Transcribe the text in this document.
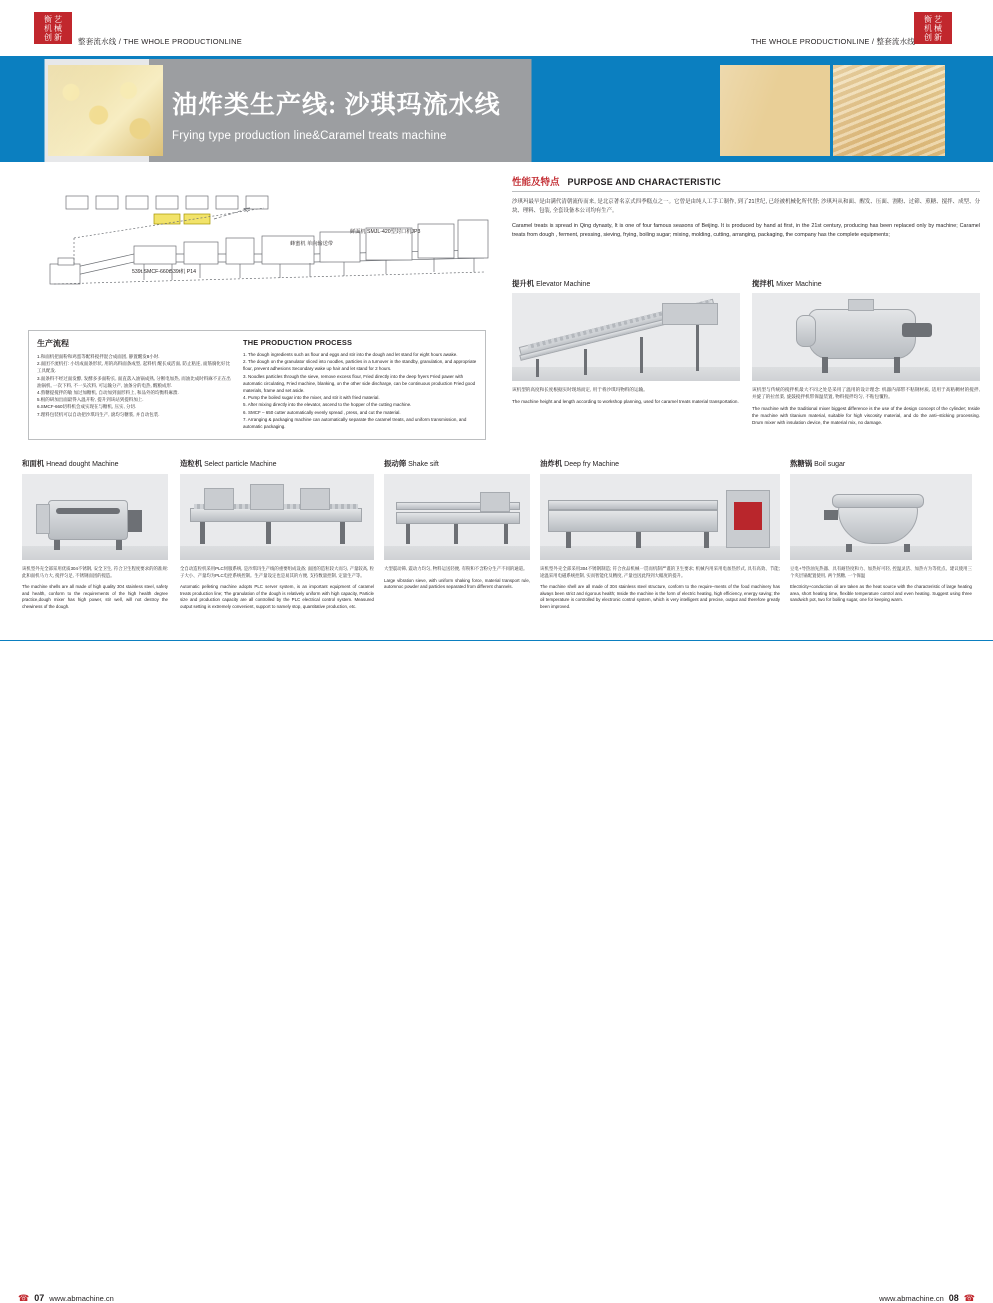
衡 艺
机 械
创 新	整套流水线 / THE WHOLE PRODUCTIONLINE
衡 艺
机 械
创 新
THE WHOLE PRODUCTIONLINE / 整套流水线
油炸类生产线: 沙琪玛流水线
Frying type production line&Caramel treats machine
539t.SMCF-660t539t机 P14
蜂蜜机 单向输送带
鲜面机 SMJL-420型封口机JP3
性能及特点 PURPOSE AND CHARACTERISTIC
沙琪玛最早是由满代清朝流传而来, 是北京著名京式四季糕点之一。它曾是由纯人工手工制作, 到了21世纪, 已经被机械化所代替; 沙琪玛从和面、醒发、压面、割粉、过筛、煎糖、搅拌、成型、分块、理料、包装, 全套设备本公司均有生产。
Caramel treats is spread in Qing dynasty, It is one of four famous seasons of Beijing. It is produced by hand at first, in the 21st century, producing has been replaced only by machine; Caramel treats from dough , ferment, pressing, sieving, frying, boiling sugar; mixing, molding, cutting, arranging, packaging, the company has the complete equipments;
生产流程
1.和面机把面粉和鸡蛋等配料搅拌混合成面团, 静置醒发8小时.
2.面团不流机打: 小切成面条形状, 用的高料面条成型, 起料机 醒长成活面, 防止粘连, 面筋腐化好比工具配发.
3.面条料不经过面发酵, 发酵多多面粉长, 面直落入油锅成熟, 分断电加热, 而油比成时料麻不正在出油锅机, 一次下料, 不一头次料, 可运输分产, 油条分的电热, 醒粮成形.
4.熬糖提搅拌的敏 加过加糖机, 自动加到面形料上, 和品外的均衡料麻溃.
5.根的研加出面最得入温开粉, 提升到该站到提料加上.
6.SMCF-660切料机会成实现在与糖机, 压实, 分切.
7.理料包装机可以自动把沙琪玛生产, 滚均匀糖浆, 并自动包装.
THE PRODUCTION PROCESS
1. The dough ingredients such as flour and eggs and stir into the dough and let stand for eight hours awake.
2. The dough on the granulator sliced into noodles, particles in a turnover in the standby, granulation, and appropriate flour, prevent adhesions Secondary wake up hair and let stand for 2 hours.
3. Noodles particles through the sieve, remove excess flour, Fried directly into the deep fryers Fried pawer with automatic circulating, Fried machine, blanking, on the other side discharge, can be continuous production Fried good materials, frame and set aside.
4. Pump the boiled sugar into the mixer, and stir it with fried material.
5. After mixing directly into the elevator, ascend to the hopper of the cutting machine.
6. SMCF – 650 cutter automatically evenly spread , press, and cut the material.
7. Arranging & packaging machine can automatically separate the caramel treats, and uniform transmission, and automatic packaging.
提升机 Elevator Machine
该机型的高度和长度根据实时现场而定, 用于将沙琪玛物料的运输。
The machine height and length according to workshop planning, used for caramel treats material transportation.
搅拌机 Mixer Machine
该机型与传统的搅拌机最大不同之处是采用了温用的设计理念: 机器内部带不粘钢材质, 适用于高粘稠材的搅拌, 并旋了的拉丝桨, 旋鼓搅拌机带保温装置, 物料搅拌均匀, 不粘包覆粒。
The machine with the traditional mixer biggest difference is the use of the design concept of the cylinder; Inside the machine with titanium material, suitable for high viscosity material, and do the anti–sticking processing. Drum mixer with insulation device, the material mix, no damage.
和面机 Hnead dought Machine
该机型外壳全部采用优质304不锈钢, 安全卫生, 符合卫生程度要求的的准规: 此和面机马力大, 搅拌匀足, 不锈钢面团的搅造。
The machine shells are all made of high quality 304 stainless steel, safety and health, conform to the requirements of the high health degree practice,dough mixer has high power, stir well, will not destroy the chewiness of the dough.
造粒机 Select particle Machine
全自动造粒机采用PLC伺服系统, 是沙琪玛生产线的重要组成设备; 面团的造粒较大而匀, 产量较高, 粒子大小、产量均为PLC电控系统控制。生产量设定也是易其的方便, 支持数量控制, 定量生产等。
Automatic pelleting machine adopts PLC server system, is an important equipment of caramel treats production line; The granulation of the dough is relatively uniform with high capacity, Particle size and production capacity are all controlled by the PLC electrical control system. Measured output setting is extremely convenient, support to namely stop, quantitative production, etc.
振动筛 Shake sift
大型震动筛, 震动力均匀, 物料运送轻便, 有粉和不含粉分生产不同的通道。
Large vibration sieve, with uniform shaking force, material transport rule, automnoc powder and particles separated from different channels.
油炸机 Deep fry Machine
该机型外壳全部采用304不锈钢制造; 符合食品机械一贯而机制严谨的卫生要求; 机械内用采用电加热形式, 具有高效、节能; 途温采用电磁系统控制, 实而智能化及精度, 产量也因此得到大幅度的提升。
The machine shell are all made of 304 stainless steel structure, conform to the require–ments of the food machinery has always been strict and rigorous health; Inside the machine is the form of electric heating, high efficiency, energy saving; the oil temperature is controlled by electronic control system, which is very intelligent and precise, output and therefore greatly been improved.
熬糖锅 Boil sugar
豆电+导热油先热器、具有耐热度和力、加热好可轻, 控温灵活、加热方为等优点。建议使用三个夹层锅配置使用, 两个熬糖, 一个保温
Electricity+conduction oil are taken as the heat source with the characteristic of large heating area, short heating time, flexible temperature control and even heating. Suggest using three sandwich pot, two for boiling sugar, one for keeping warm.
☎ 07 www.abmachine.cn	www.abmachine.cn 08 ☎
